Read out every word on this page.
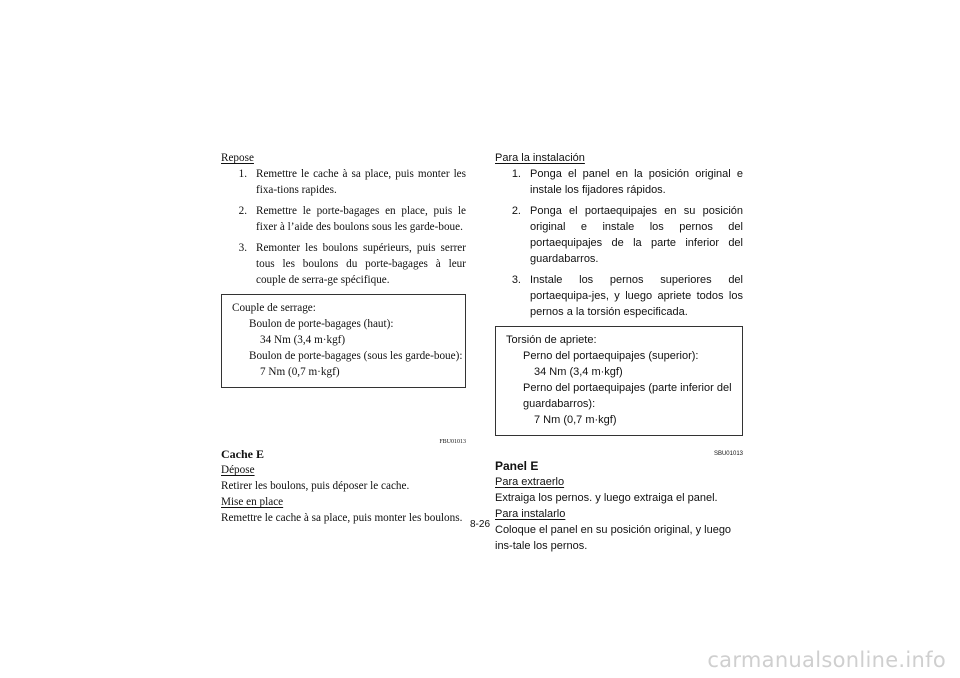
Repose
1. Remettre le cache à sa place, puis monter les fixa-tions rapides.
2. Remettre le porte-bagages en place, puis le fixer à l’aide des boulons sous les garde-boue.
3. Remonter les boulons supérieurs, puis serrer tous les boulons du porte-bagages à leur couple de serra-ge spécifique.
Couple de serrage:
Boulon de porte-bagages (haut):
34 Nm (3,4 m·kgf)
Boulon de porte-bagages (sous les garde-boue):
7 Nm (0,7 m·kgf)
FBU01013
Cache E
Dépose
Retirer les boulons, puis déposer le cache.
Mise en place
Remettre le cache à sa place, puis monter les boulons.
Para la instalación
1. Ponga el panel en la posición original e instale los fijadores rápidos.
2. Ponga el portaequipajes en su posición original e instale los pernos del portaequipajes de la parte inferior del guardabarros.
3. Instale los pernos superiores del portaequipa-jes, y luego apriete todos los pernos a la torsión especificada.
Torsión de apriete:
Perno del portaequipajes (superior):
34 Nm (3,4 m·kgf)
Perno del portaequipajes (parte inferior del guardabarros):
7 Nm (0,7 m·kgf)
SBU01013
Panel E
Para extraerlo
Extraiga los pernos. y luego extraiga el panel.
Para instalarlo
Coloque el panel en su posición original, y luego ins-tale los pernos.
8-26
carmanualsonline.info
